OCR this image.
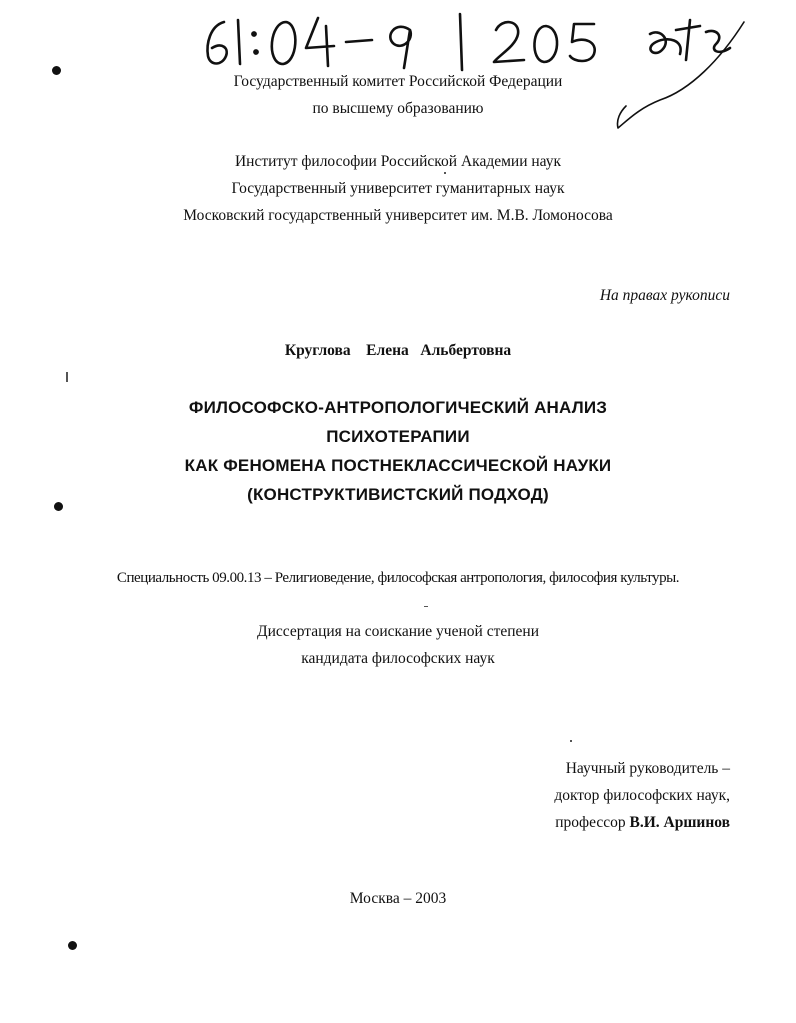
Государственный комитет Российской Федерации
по высшему образованию
Институт философии Российской Академии наук
Государственный университет гуманитарных наук
Московский государственный университет им. М.В. Ломоносова
На правах рукописи
Круглова Елена Альбертовна
ФИЛОСОФСКО-АНТРОПОЛОГИЧЕСКИЙ АНАЛИЗ
ПСИХОТЕРАПИИ
КАК ФЕНОМЕНА ПОСТНЕКЛАССИЧЕСКОЙ НАУКИ
(КОНСТРУКТИВИСТСКИЙ ПОДХОД)
Специальность 09.00.13 – Религиоведение, философская антропология, философия культуры.
Диссертация на соискание ученой степени
кандидата философских наук
Научный руководитель –
доктор философских наук,
профессор В.И. Аршинов
Москва – 2003
